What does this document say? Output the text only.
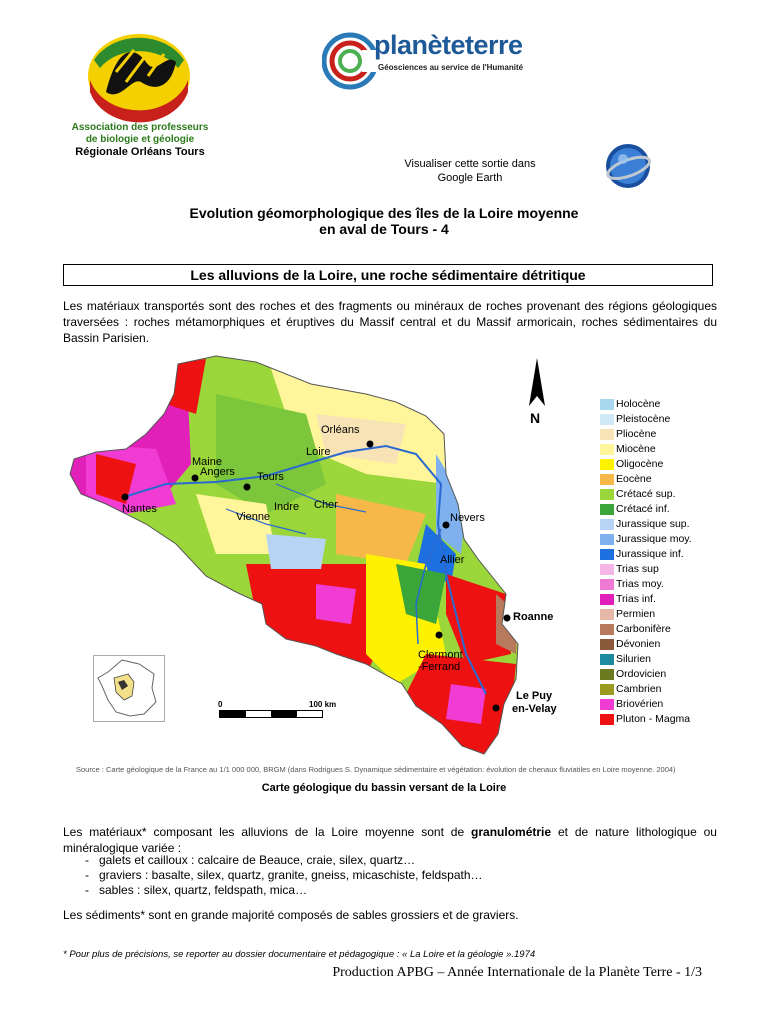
Association des professeurs
de biologie et géologie
Régionale Orléans Tours
planèteterre
Géosciences au service de l'Humanité
Visualiser cette sortie dans
Google Earth
Evolution géomorphologique des îles de la Loire moyenne
en aval de Tours - 4
Les alluvions de la Loire, une roche sédimentaire détritique
Les matériaux transportés sont des roches et des fragments ou minéraux de roches provenant des régions géologiques traversées : roches métamorphiques et éruptives du Massif central et du Massif armoricain, roches sédimentaires du Bassin Parisien.
Orléans
Loire
Maine
Angers Tours
Nantes	Indre Cher
Vienne	Nevers
Allier
Roanne
Clermont
-Ferrand
Le Puy
en-Velay
N
0	100 km
Holocène
Pleistocène
Pliocène
Miocène
Oligocène
Eocène
Crétacé sup.
Crétacé inf.
Jurassique sup.
Jurassique moy.
Jurassique inf.
Trias sup
Trias moy.
Trias inf.
Permien
Carbonifère
Dévonien
Silurien
Ordovicien
Cambrien
Briovérien
Pluton - Magma
Source : Carte géologique de la France au 1/1 000 000, BRGM (dans Rodrigues S. Dynamique sédimentaire et végétation: évolution de chenaux fluviatiles en Loire moyenne. 2004)
Carte géologique du bassin versant de la Loire
Les matériaux* composant les alluvions de la Loire moyenne sont de granulométrie et de nature lithologique ou minéralogique variée :
- galets et cailloux : calcaire de Beauce, craie, silex, quartz…
- graviers : basalte, silex, quartz, granite, gneiss, micaschiste, feldspath…
- sables : silex, quartz, feldspath, mica…
Les sédiments* sont en grande majorité composés de sables grossiers et de graviers.
* Pour plus de précisions, se reporter au dossier documentaire et pédagogique : « La Loire et la géologie ».1974
Production APBG – Année Internationale de la Planète Terre - 1/3
